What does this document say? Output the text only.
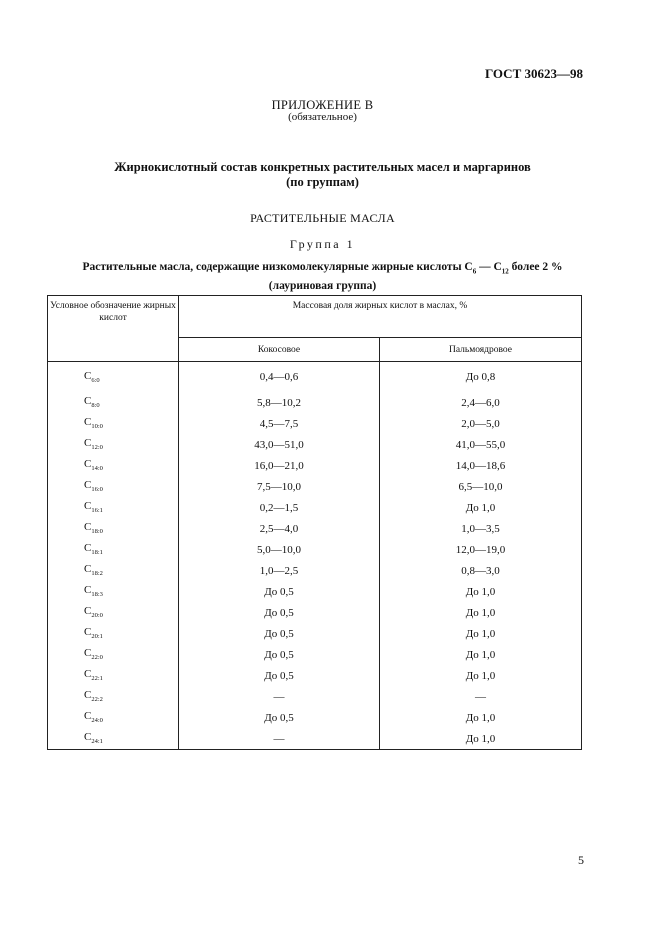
ГОСТ 30623—98
ПРИЛОЖЕНИЕ В
(обязательное)
Жирнокислотный состав конкретных растительных масел и маргаринов
(по группам)
РАСТИТЕЛЬНЫЕ МАСЛА
Группа 1
Растительные масла, содержащие низкомолекулярные жирные кислоты $С_6$ — $С_{12}$ более 2 %
(лауриновая группа)
Условное обозначение жирных кислот	Массовая доля жирных кислот в маслах, %	
	Кокосовое	Пальмоядровое
$С_{6:0}$	0,4—0,6	До 0,8
$С_{8:0}$	5,8—10,2	2,4—6,0
$С_{10:0}$	4,5—7,5	2,0—5,0
$С_{12:0}$	43,0—51,0	41,0—55,0
$С_{14:0}$	16,0—21,0	14,0—18,6
$С_{16:0}$	7,5—10,0	6,5—10,0
$С_{16:1}$	0,2—1,5	До 1,0
$С_{18:0}$	2,5—4,0	1,0—3,5
$С_{18:1}$	5,0—10,0	12,0—19,0
$С_{18:2}$	1,0—2,5	0,8—3,0
$С_{18:3}$	До 0,5	До 1,0
$С_{20:0}$	До 0,5	До 1,0
$С_{20:1}$	До 0,5	До 1,0
$С_{22:0}$	До 0,5	До 1,0
$С_{22:1}$	До 0,5	До 1,0
$С_{22:2}$	—	—
$С_{24:0}$	До 0,5	До 1,0
$С_{24:1}$	—	До 1,0
5
